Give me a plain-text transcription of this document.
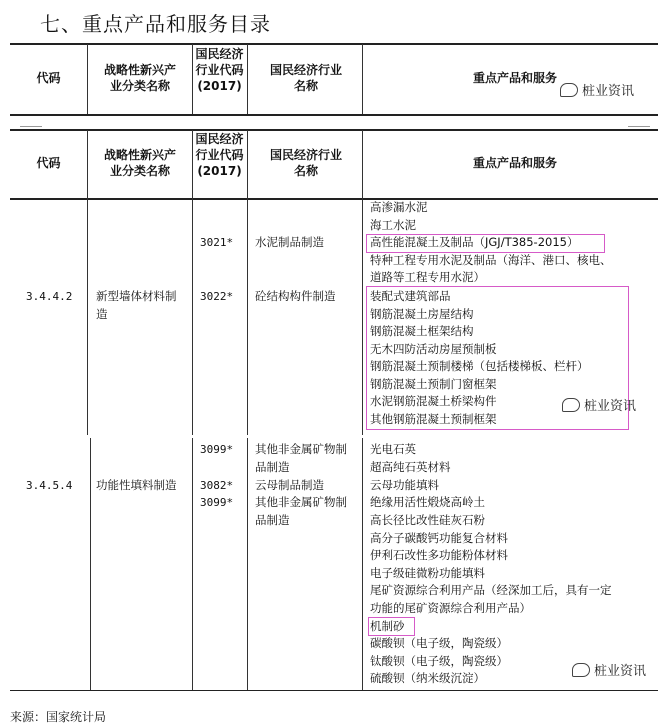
七、重点产品和服务目录
代码
战略性新兴产业分类名称
国民经济行业代码(2017)
国民经济行业名称
重点产品和服务
桩业资讯
代码
战略性新兴产业分类名称
国民经济行业代码(2017)
国民经济行业名称
重点产品和服务
3.4.4.2 新型墙体材料制造
3021* 水泥制品制造
3022* 砼结构构件制造
高渗漏水泥
海工水泥
高性能混凝土及制品（JGJ/T385-2015）
特种工程专用水泥及制品（海洋、港口、核电、
道路等工程专用水泥）
装配式建筑部品
钢筋混凝土房屋结构
钢筋混凝土框架结构
无木四防活动房屋预制板
钢筋混凝土预制楼梯（包括楼梯板、栏杆）
钢筋混凝土预制门窗框架
水泥钢筋混凝土桥梁构件
其他钢筋混凝土预制框架
桩业资讯
3.4.5.4 功能性填料制造
3099* 其他非金属矿物制品制造
3082* 云母制品制造
3099* 其他非金属矿物制品制造
光电石英
超高纯石英材料
云母功能填料
绝缘用活性煅烧高岭土
高长径比改性硅灰石粉
高分子碳酸钙功能复合材料
伊利石改性多功能粉体材料
电子级硅微粉功能填料
尾矿资源综合利用产品（经深加工后，具有一定
功能的尾矿资源综合利用产品）
机制砂
碳酸钡（电子级，陶瓷级）
钛酸钡（电子级，陶瓷级）
硫酸钡（纳米级沉淀）	桩业资讯
来源：国家统计局
